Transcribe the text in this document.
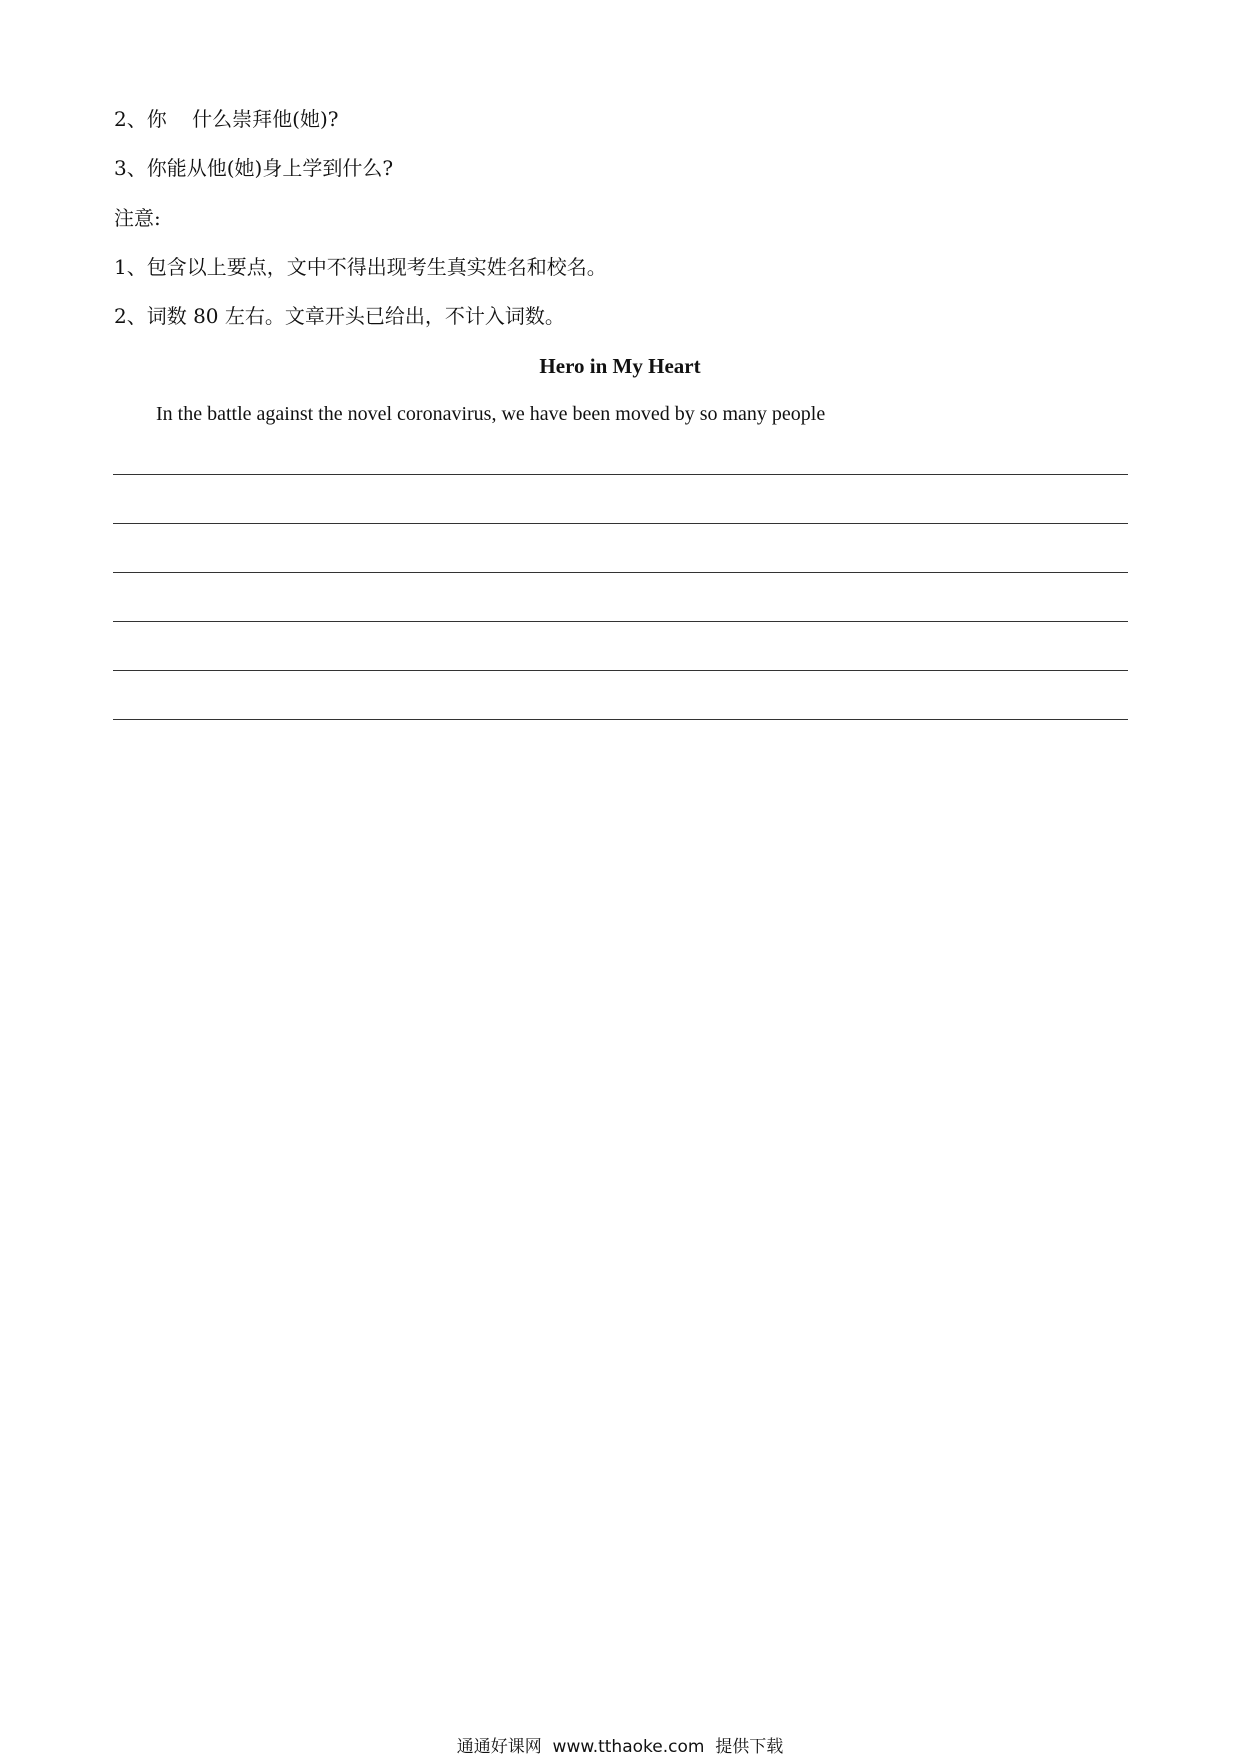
2、你    什么崇拜他(她)?
3、你能从他(她)身上学到什么?
注意:
1、包含以上要点，文中不得出现考生真实姓名和校名。
2、词数 80 左右。文章开头已给出，不计入词数。
Hero in My Heart
In the battle against the novel coronavirus, we have been moved by so many people
通通好课网  www.tthaoke.com  提供下载
